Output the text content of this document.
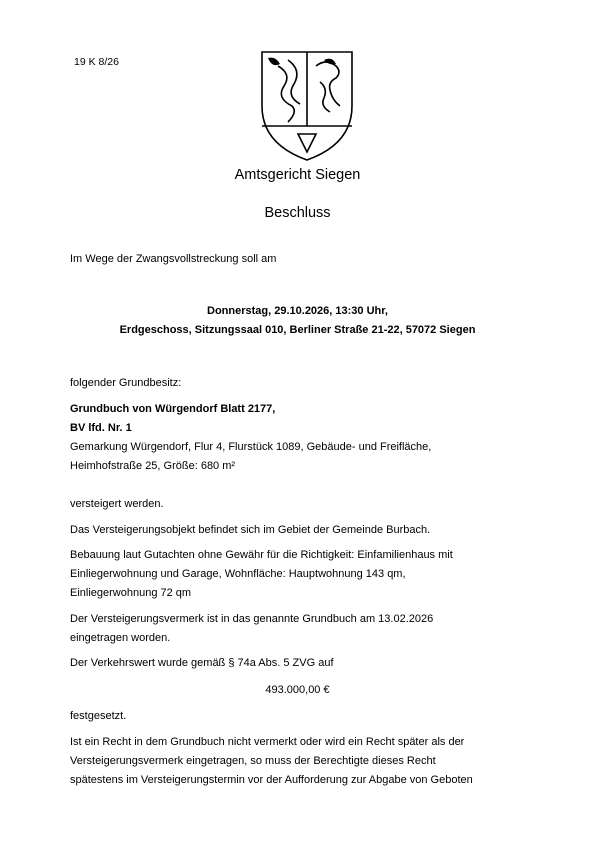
19 K 8/26
Amtsgericht Siegen
Beschluss
Im Wege der Zwangsvollstreckung soll am
Donnerstag, 29.10.2026, 13:30 Uhr,
Erdgeschoss, Sitzungssaal 010, Berliner Straße 21-22, 57072 Siegen
folgender Grundbesitz:
Grundbuch von Würgendorf Blatt 2177,
BV lfd. Nr. 1
Gemarkung Würgendorf, Flur 4, Flurstück 1089, Gebäude- und Freifläche,
Heimhofstraße 25, Größe: 680 m²
versteigert werden.
Das Versteigerungsobjekt befindet sich im Gebiet der Gemeinde Burbach.
Bebauung laut Gutachten ohne Gewähr für die Richtigkeit: Einfamilienhaus mit
Einliegerwohnung und Garage, Wohnfläche: Hauptwohnung 143 qm,
Einliegerwohnung 72 qm
Der Versteigerungsvermerk ist in das genannte Grundbuch am 13.02.2026
eingetragen worden.
Der Verkehrswert wurde gemäß § 74a Abs. 5 ZVG auf
493.000,00 €
festgesetzt.
Ist ein Recht in dem Grundbuch nicht vermerkt oder wird ein Recht später als der
Versteigerungsvermerk eingetragen, so muss der Berechtigte dieses Recht
spätestens im Versteigerungstermin vor der Aufforderung zur Abgabe von Geboten
